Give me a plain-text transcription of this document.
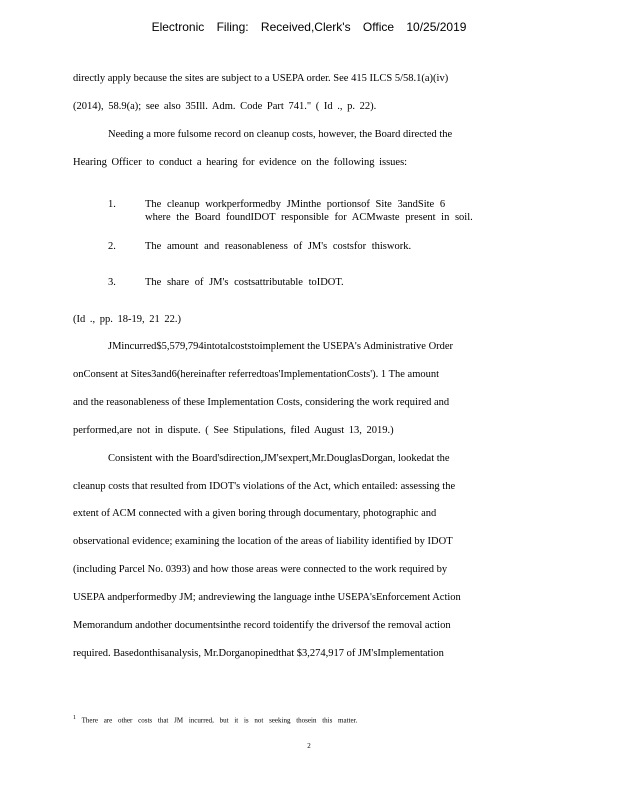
Electronic Filing: Received,Clerk's Office 10/25/2019
directly apply because the sites are subject to a USEPA order. See 415 ILCS 5/58.1(a)(iv)
(2014), 58.9(a); see also 35Ill. Adm. Code Part 741." ( Id ., p. 22).
Needing a more fulsome record on cleanup costs, however, the Board directed the
Hearing Officer to conduct a hearing for evidence on the following issues:
1.	The cleanup workperformedby JMinthe portionsof Site 3andSite 6
where the Board foundIDOT responsible for ACMwaste present in soil.
2.	The amount and reasonableness of JM's costsfor thiswork.
3.	The share of JM's costsattributable toIDOT.
(Id ., pp. 18-19, 21 22.)
JMincurred$5,579,794intotalcoststoimplement the USEPA's Administrative Order
onConsent at Sites3and6(hereinafter referredtoas'ImplementationCosts'). 1 The amount
and the reasonableness of these Implementation Costs, considering the work required and
performed,are not in dispute. ( See Stipulations, filed August 13, 2019.)
Consistent with the Board'sdirection,JM'sexpert,Mr.DouglasDorgan, lookedat the
cleanup costs that resulted from IDOT's violations of the Act, which entailed: assessing the
extent of ACM connected with a given boring through documentary, photographic and
observational evidence; examining the location of the areas of liability identified by IDOT
(including Parcel No. 0393) and how those areas were connected to the work required by
USEPA andperformedby JM; andreviewing the language inthe USEPA'sEnforcement Action
Memorandum andother documentsinthe record toidentify the driversof the removal action
required. Basedonthisanalysis, Mr.Dorganopinedthat $3,274,917 of JM'sImplementation
1 There are other costs that JM incurred, but it is not seeking thosein this matter.
2
